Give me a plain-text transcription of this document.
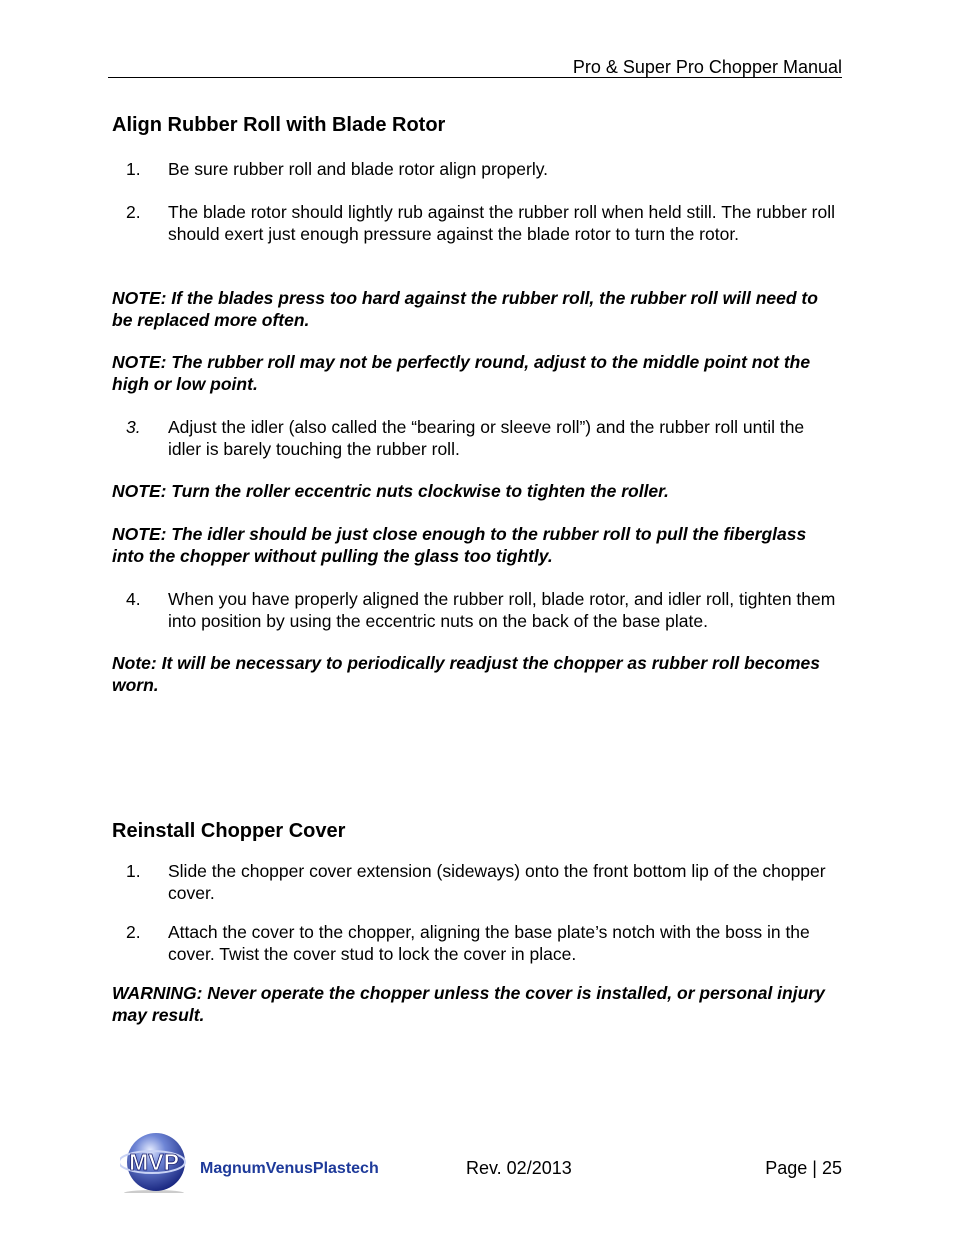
Pro & Super Pro Chopper Manual
Align Rubber Roll with Blade Rotor
1. Be sure rubber roll and blade rotor align properly.
2. The blade rotor should lightly rub against the rubber roll when held still. The rubber roll should exert just enough pressure against the blade rotor to turn the rotor.

NOTE: If the blades press too hard against the rubber roll, the rubber roll will need to be replaced more often.

NOTE: The rubber roll may not be perfectly round, adjust to the middle point not the high or low point.

3. Adjust the idler (also called the “bearing or sleeve roll”) and the rubber roll until the idler is barely touching the rubber roll.

NOTE: Turn the roller eccentric nuts clockwise to tighten the roller.

NOTE: The idler should be just close enough to the rubber roll to pull the fiberglass into the chopper without pulling the glass too tightly.

4. When you have properly aligned the rubber roll, blade rotor, and idler roll, tighten them into position by using the eccentric nuts on the back of the base plate.

Note: It will be necessary to periodically readjust the chopper as rubber roll becomes worn.

Reinstall Chopper Cover
1. Slide the chopper cover extension (sideways) onto the front bottom lip of the chopper cover.
2. Attach the cover to the chopper, aligning the base plate’s notch with the boss in the cover. Twist the cover stud to lock the cover in place.

WARNING: Never operate the chopper unless the cover is installed, or personal injury may result.

MVP MagnumVenusPlastech	Rev. 02/2013	Page | 25
